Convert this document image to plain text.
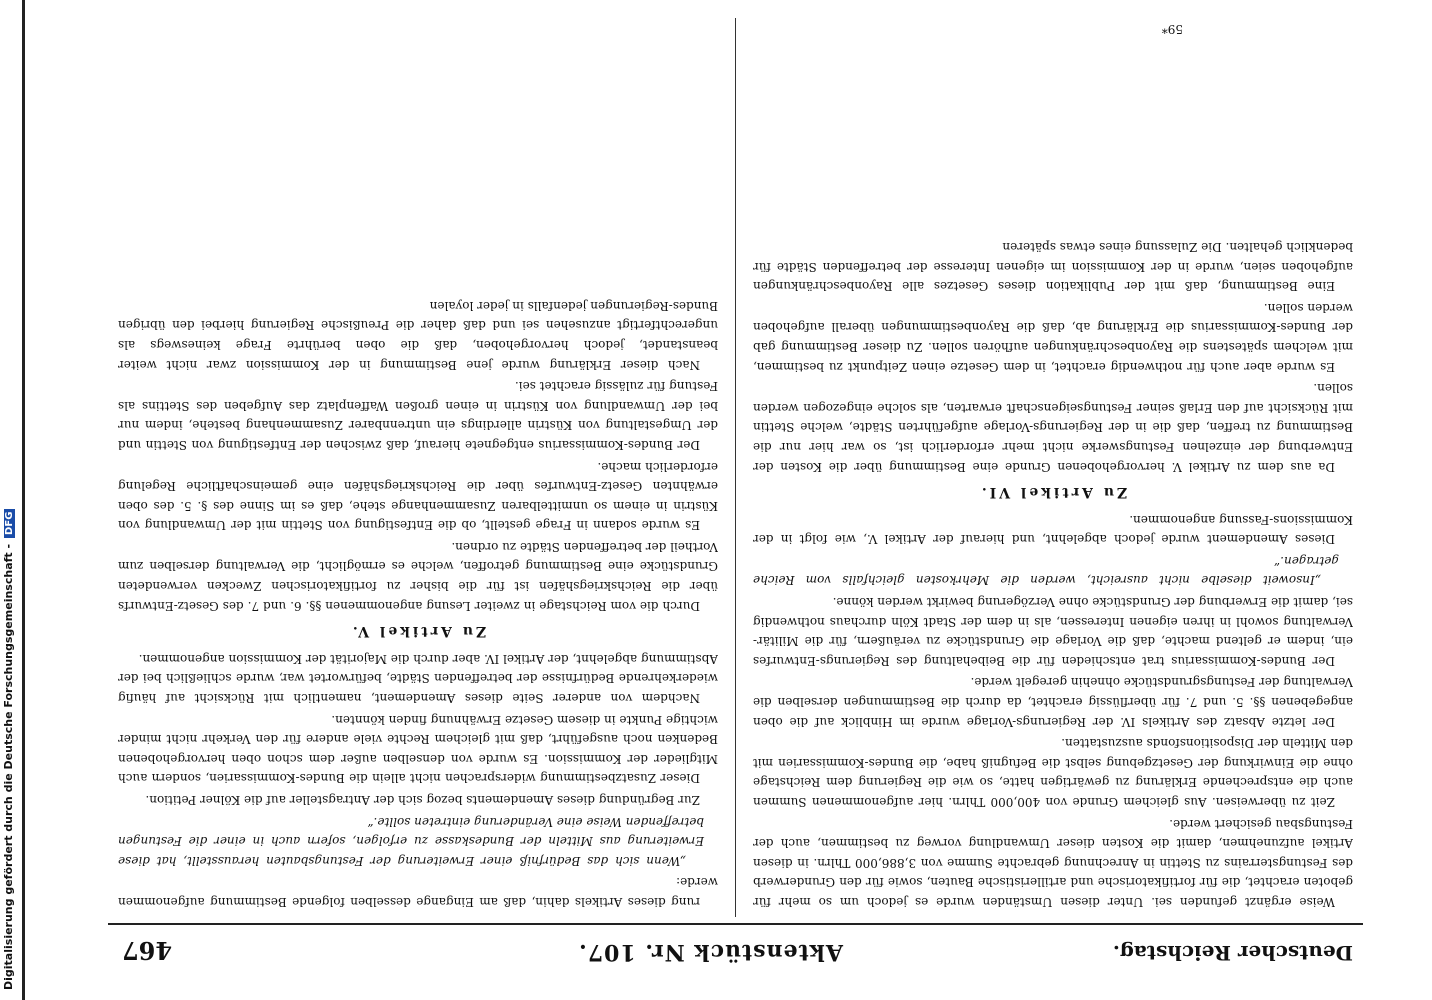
Deutscher Reichstag.
Aktenstück Nr. 107.
467

Weise ergänzt gefunden sei. Unter diesen Umständen wurde es jedoch um so mehr für geboten erachtet, die für fortifikatorische und artilleristische Bauten, sowie für den Grunderwerb des Festungsterrains zu Stettin in Anrechnung gebrachte Summe von 3,886,000 Thlrn. in diesen Artikel aufzunehmen, damit die Kosten dieser Umwandlung vorweg zu bestimmen, auch der Festungsbau gesichert werde.

Zeit zu überweisen. Aus gleichem Grunde von 400,000 Thlrn. hier aufgenommenen Summen auch die entsprechende Erklärung zu gewärtigen hatte, so wie die Regierung dem Reichstage ohne die Einwirkung der Gesetzgebung selbst die Befugniß habe, die Bundes-Kommissarien mit den Mitteln der Dispositionsfonds auszustatten.

Der letzte Absatz des Artikels IV. der Regierungs-Vorlage wurde im Hinblick auf die oben angegebenen §§. 5. und 7. für überflüssig erachtet, da durch die Bestimmungen derselben die Verwaltung der Festungsgrundstücke ohnehin geregelt werde.

Der Bundes-Kommissarius trat entschieden für die Beibehaltung des Regierungs-Entwurfes ein, indem er geltend machte, daß die Vorlage die Grundstücke zu veräußern, für die Militär-Verwaltung sowohl in ihren eigenen Interessen, als in dem der Stadt Köln durchaus nothwendig sei, damit die Erwerbung der Grundstücke ohne Verzögerung bewirkt werden könne.

„Insoweit dieselbe nicht ausreicht, werden die Mehrkosten gleichfalls vom Reiche getragen.“

Dieses Amendement wurde jedoch abgelehnt, und hierauf der Artikel V., wie folgt in der Kommissions-Fassung angenommen.

Zu Artikel VI.

Da aus dem zu Artikel V. hervorgehobenen Grunde eine Bestimmung über die Kosten der Entwerbung der einzelnen Festungswerke nicht mehr erforderlich ist, so war hier nur die Bestimmung zu treffen, daß die in der Regierungs-Vorlage aufgeführten Städte, welche Stettin mit Rücksicht auf den Erlaß seiner Festungseigenschaft erwarten, als solche eingezogen werden sollen.

Es wurde aber auch für nothwendig erachtet, in dem Gesetze einen Zeitpunkt zu bestimmen, mit welchem spätestens die Rayonbeschränkungen aufhören sollen. Zu dieser Bestimmung gab der Bundes-Kommissarius die Erklärung ab, daß die Rayonbestimmungen überall aufgehoben werden sollen.

Eine Bestimmung, daß mit der Publikation dieses Gesetzes alle Rayonbeschränkungen aufgehoben seien, wurde in der Kommission im eigenen Interesse der betreffenden Städte für bedenklich gehalten. Die Zulassung eines etwas späteren

rung dieses Artikels dahin, daß am Eingange desselben folgende Bestimmung aufgenommen werde:

„Wenn sich das Bedürfniß einer Erweiterung der Festungsbauten herausstellt, hat diese Erweiterung aus Mitteln der Bundeskasse zu erfolgen, sofern auch in einer die Festungen betreffenden Weise eine Veränderung eintreten sollte.“

Zur Begründung dieses Amendements bezog sich der Antragsteller auf die Kölner Petition.

Dieser Zusatzbestimmung widersprachen nicht allein die Bundes-Kommissarien, sondern auch Mitglieder der Kommission. Es wurde von denselben außer dem schon oben hervorgehobenen Bedenken noch ausgeführt, daß mit gleichem Rechte viele andere für den Verkehr nicht minder wichtige Punkte in diesem Gesetze Erwähnung finden könnten.

Nachdem von anderer Seite dieses Amendement, namentlich mit Rücksicht auf häufig wiederkehrende Bedürfnisse der betreffenden Städte, befürwortet war, wurde schließlich bei der Abstimmung abgelehnt, der Artikel IV. aber durch die Majorität der Kommission angenommen.

Zu Artikel V.

Durch die vom Reichstage in zweiter Lesung angenommenen §§. 6. und 7. des Gesetz-Entwurfs über die Reichskriegshäfen ist für die bisher zu fortifikatorischen Zwecken verwendeten Grundstücke eine Bestimmung getroffen, welche es ermöglicht, die Verwaltung derselben zum Vortheil der betreffenden Städte zu ordnen.

Es wurde sodann in Frage gestellt, ob die Entfestigung von Stettin mit der Umwandlung von Küstrin in einem so unmittelbaren Zusammenhange stehe, daß es im Sinne des §. 5. des oben erwähnten Gesetz-Entwurfes über die Reichskriegshäfen eine gemeinschaftliche Regelung erforderlich mache.

Der Bundes-Kommissarius entgegnete hierauf, daß zwischen der Entfestigung von Stettin und der Umgestaltung von Küstrin allerdings ein untrennbarer Zusammenhang bestehe, indem nur bei der Umwandlung von Küstrin in einen großen Waffenplatz das Aufgeben des Stettins als Festung für zulässig erachtet sei.

Nach dieser Erklärung wurde jene Bestimmung in der Kommission zwar nicht weiter beanstandet, jedoch hervorgehoben, daß die oben berührte Frage keineswegs als ungerechtfertigt anzusehen sei und daß daher die Preußische Regierung hierbei den übrigen Bundes-Regierungen jedenfalls in jeder loyalen

59*
Digitalisierung gefördert durch die Deutsche Forschungsgemeinschaft -DFG
